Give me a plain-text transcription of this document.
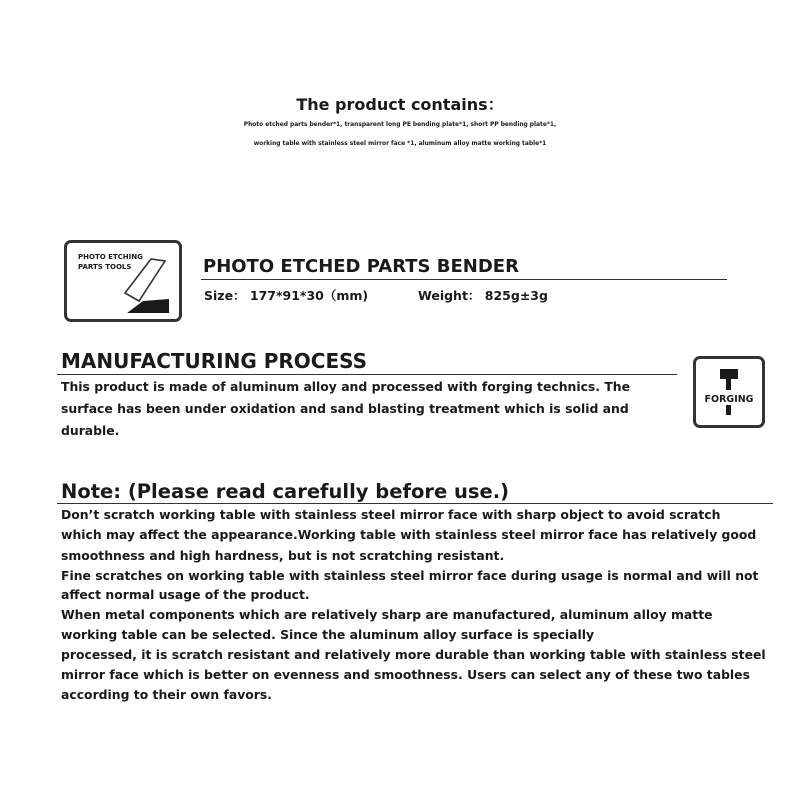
The product contains：
Photo etched parts bender*1, transparent long PE bending plate*1, short PP bending plate*1,
working table with stainless steel mirror face *1, aluminum alloy matte working table*1
PHOTO ETCHING
PARTS TOOLS	PHOTO ETCHED PARTS BENDER
Size： 177*91*30（mm)	Weight： 825g±3g
MANUFACTURING PROCESS
This product is made of aluminum alloy and processed with forging technics. The
surface has been under oxidation and sand blasting treatment which is solid and
durable.
FORGING
Note: (Please read carefully before use.)
Don’t scratch working table with stainless steel mirror face with sharp object to avoid scratch
which may affect the appearance.Working table with stainless steel mirror face has relatively good
smoothness and high hardness, but is not scratching resistant.
Fine scratches on working table with stainless steel mirror face during usage is normal and will not
affect normal usage of the product.
When metal components which are relatively sharp are manufactured, aluminum alloy matte
working table can be selected. Since the aluminum alloy surface is specially
processed, it is scratch resistant and relatively more durable than working table with stainless steel
mirror face which is better on evenness and smoothness. Users can select any of these two tables
according to their own favors.
